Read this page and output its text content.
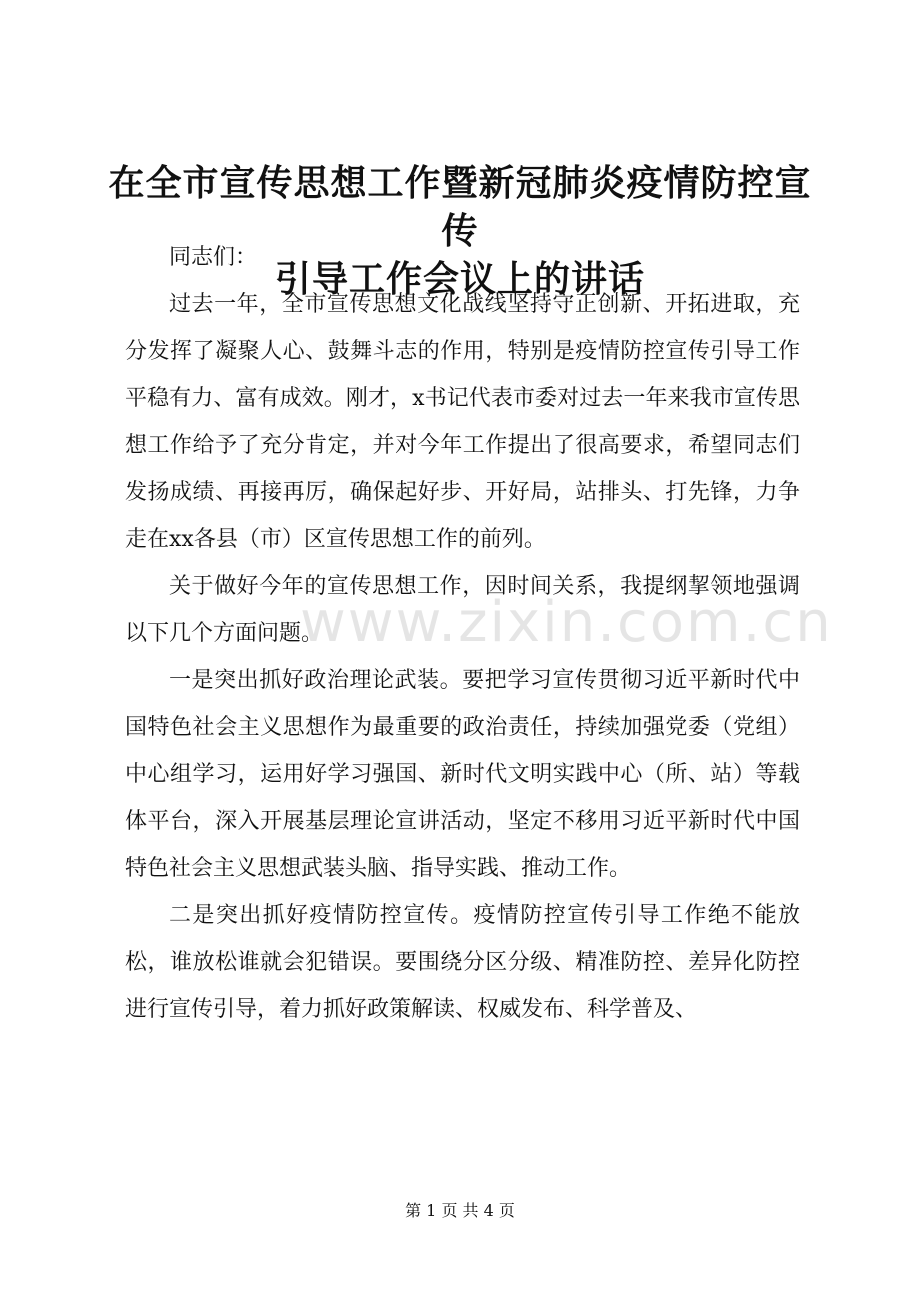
在全市宣传思想工作暨新冠肺炎疫情防控宣传
引导工作会议上的讲话

同志们：

过去一年，全市宣传思想文化战线坚持守正创新、开拓进取，充分发挥了凝聚人心、鼓舞斗志的作用，特别是疫情防控宣传引导工作平稳有力、富有成效。刚才，x书记代表市委对过去一年来我市宣传思想工作给予了充分肯定，并对今年工作提出了很高要求，希望同志们发扬成绩、再接再厉，确保起好步、开好局，站排头、打先锋，力争走在xx各县（市）区宣传思想工作的前列。

关于做好今年的宣传思想工作，因时间关系，我提纲挈领地强调以下几个方面问题。

一是突出抓好政治理论武装。要把学习宣传贯彻习近平新时代中国特色社会主义思想作为最重要的政治责任，持续加强党委（党组）中心组学习，运用好学习强国、新时代文明实践中心（所、站）等载体平台，深入开展基层理论宣讲活动，坚定不移用习近平新时代中国特色社会主义思想武装头脑、指导实践、推动工作。

二是突出抓好疫情防控宣传。疫情防控宣传引导工作绝不能放松，谁放松谁就会犯错误。要围绕分区分级、精准防控、差异化防控进行宣传引导，着力抓好政策解读、权威发布、科学普及、

www.zixin.com.cn
第 1 页 共 4 页
